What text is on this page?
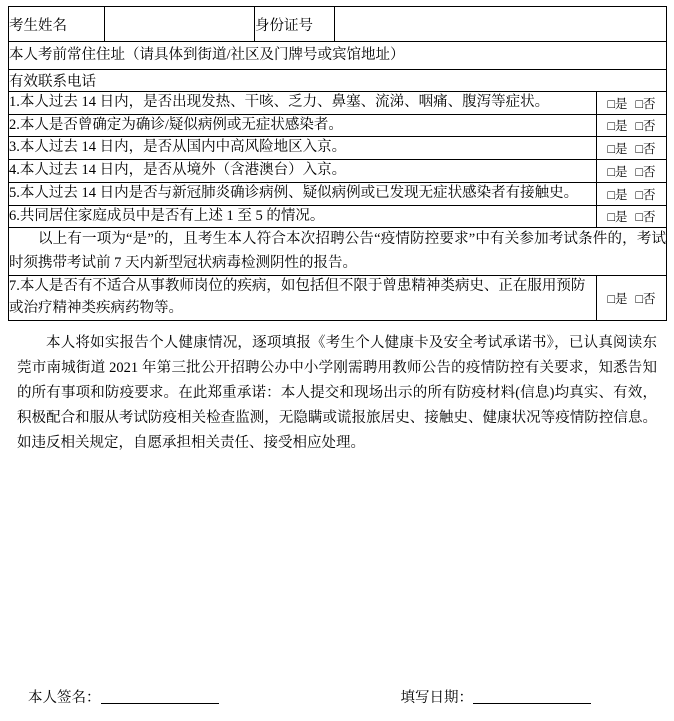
考生姓名		身份证号		
本人考前常住住址（请具体到街道/社区及门牌号或宾馆地址）				
有效联系电话				
1.本人过去 14 日内，是否出现发热、干咳、乏力、鼻塞、流涕、咽痛、腹泻等症状。				□是 □否
2.本人是否曾确定为确诊/疑似病例或无症状感染者。				□是 □否
3.本人过去 14 日内，是否从国内中高风险地区入京。				□是 □否
4.本人过去 14 日内，是否从境外（含港澳台）入京。				□是 □否
5.本人过去 14 日内是否与新冠肺炎确诊病例、疑似病例或已发现无症状感染者有接触史。				□是 □否
6.共同居住家庭成员中是否有上述 1 至 5 的情况。				□是 □否

以上有一项为“是”的，且考生本人符合本次招聘公告“疫情防控要求”中有关参加考试条件的，考试时须携带考试前 7 天内新型冠状病毒检测阴性的报告。				

7.本人是否有不适合从事教师岗位的疾病，如包括但不限于曾患精神类病史、正在服用预防或治疗精神类疾病药物等。				□是 □否
本人将如实报告个人健康情况，逐项填报《考生个人健康卡及安全考试承诺书》，已认真阅读东莞市南城街道 2021 年第三批公开招聘公办中小学刚需聘用教师公告的疫情防控有关要求，知悉告知的所有事项和防疫要求。在此郑重承诺：本人提交和现场出示的所有防疫材料(信息)均真实、有效，积极配合和服从考试防疫相关检查监测，无隐瞒或谎报旅居史、接触史、健康状况等疫情防控信息。如违反相关规定，自愿承担相关责任、接受相应处理。
本人签名：	填写日期：
